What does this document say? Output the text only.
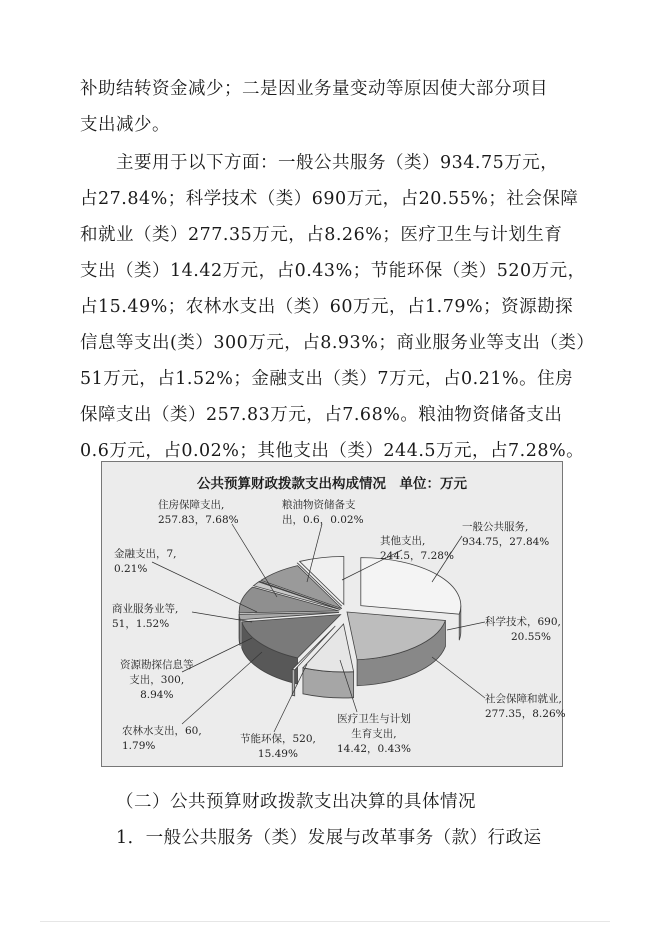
补助结转资金减少；二是因业务量变动等原因使大部分项目
支出减少。
主要用于以下方面：一般公共服务（类）934.75万元，
占27.84%；科学技术（类）690万元，占20.55%；社会保障
和就业（类）277.35万元，占8.26%；医疗卫生与计划生育
支出（类）14.42万元，占0.43%；节能环保（类）520万元，
占15.49%；农林水支出（类）60万元，占1.79%；资源勘探
信息等支出(类）300万元，占8.93%；商业服务业等支出（类）
51万元，占1.52%；金融支出（类）7万元，占0.21%。住房
保障支出（类）257.83万元，占7.68%。粮油物资储备支出
0.6万元，占0.02%；其他支出（类）244.5万元，占7.28%。
公共预算财政拨款支出构成情况　单位：万元
一般公共服务,
934.75，27.84%
科学技术，690,
20.55%
社会保障和就业,
277.35，8.26%
医疗卫生与计划
生育支出,
14.42，0.43%
节能环保，520,
15.49%
农林水支出，60,
1.79%
资源勘探信息等
支出，300,
8.94%
商业服务业等,
51，1.52%
金融支出，7,
0.21%
住房保障支出,
257.83，7.68%
粮油物资储备支
出，0.6，0.02%
其他支出,
244.5，7.28%
（二）公共预算财政拨款支出决算的具体情况
1．一般公共服务（类）发展与改革事务（款）行政运
